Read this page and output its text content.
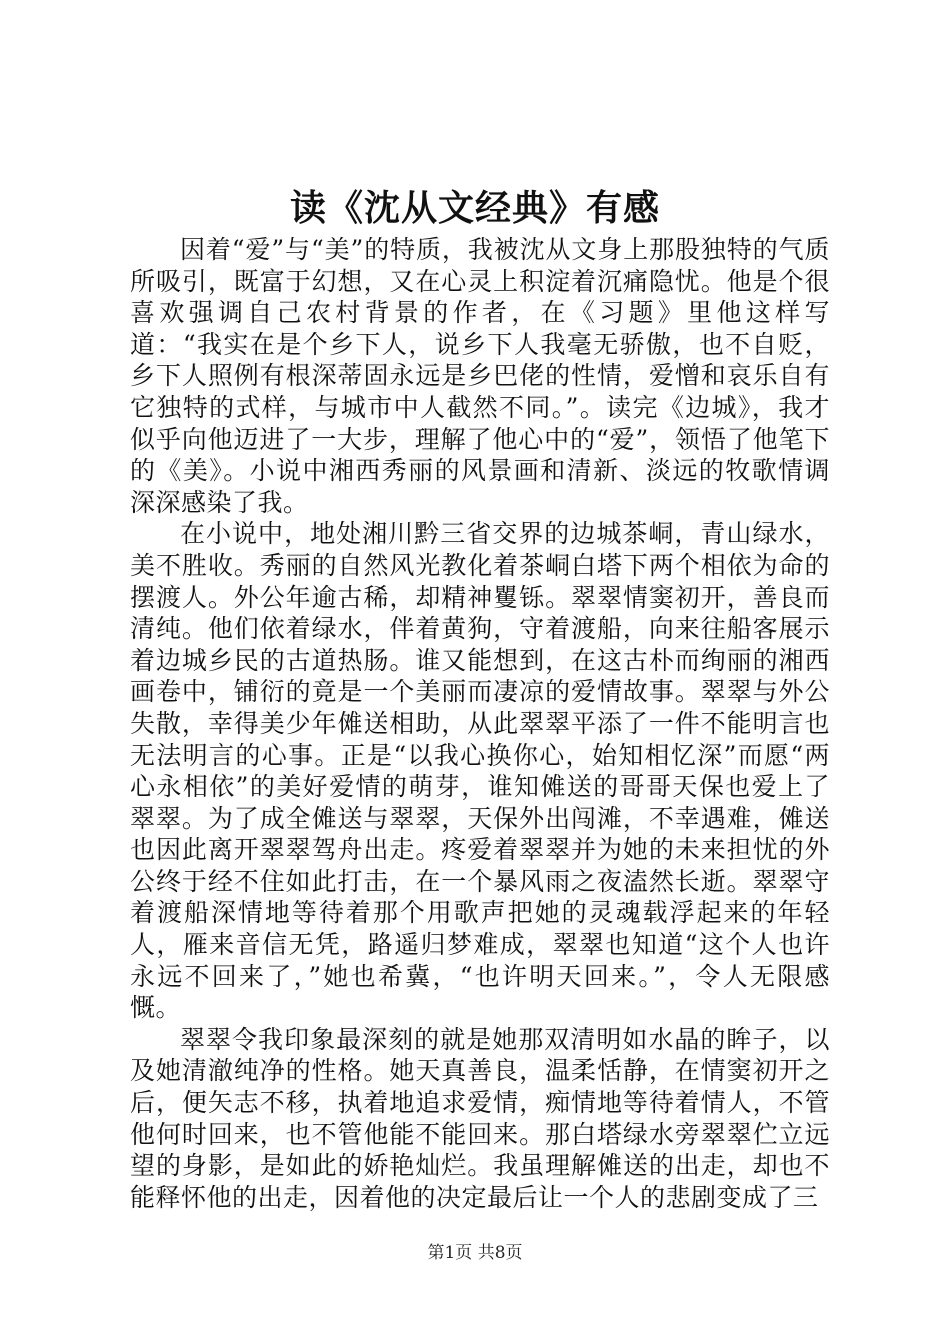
读《沈从文经典》有感

因着“爱”与“美”的特质，我被沈从文身上那股独特的气质所吸引，既富于幻想，又在心灵上积淀着沉痛隐忧。他是个很喜欢强调自己农村背景的作者，在《习题》里他这样写道：“我实在是个乡下人，说乡下人我毫无骄傲，也不自贬，乡下人照例有根深蒂固永远是乡巴佬的性情，爱憎和哀乐自有它独特的式样，与城市中人截然不同。”。读完《边城》，我才似乎向他迈进了一大步，理解了他心中的“爱”，领悟了他笔下的《美》。小说中湘西秀丽的风景画和清新、淡远的牧歌情调深深感染了我。

在小说中，地处湘川黔三省交界的边城茶峒，青山绿水，美不胜收。秀丽的自然风光教化着茶峒白塔下两个相依为命的摆渡人。外公年逾古稀，却精神矍铄。翠翠情窦初开，善良而清纯。他们依着绿水，伴着黄狗，守着渡船，向来往船客展示着边城乡民的古道热肠。谁又能想到，在这古朴而绚丽的湘西画卷中，铺衍的竟是一个美丽而凄凉的爱情故事。翠翠与外公失散，幸得美少年傩送相助，从此翠翠平添了一件不能明言也无法明言的心事。正是“以我心换你心，始知相忆深”而愿“两心永相依”的美好爱情的萌芽，谁知傩送的哥哥天保也爱上了翠翠。为了成全傩送与翠翠，天保外出闯滩，不幸遇难，傩送也因此离开翠翠驾舟出走。疼爱着翠翠并为她的未来担忧的外公终于经不住如此打击，在一个暴风雨之夜溘然长逝。翠翠守着渡船深情地等待着那个用歌声把她的灵魂载浮起来的年轻人，雁来音信无凭，路遥归梦难成，翠翠也知道“这个人也许永远不回来了，”她也希冀，“也许明天回来。”，令人无限感慨。

翠翠令我印象最深刻的就是她那双清明如水晶的眸子，以及她清澈纯净的性格。她天真善良，温柔恬静，在情窦初开之后，便矢志不移，执着地追求爱情，痴情地等待着情人，不管他何时回来，也不管他能不能回来。那白塔绿水旁翠翠伫立远望的身影，是如此的娇艳灿烂。我虽理解傩送的出走，却也不能释怀他的出走，因着他的决定最后让一个人的悲剧变成了三

第1页 共8页
